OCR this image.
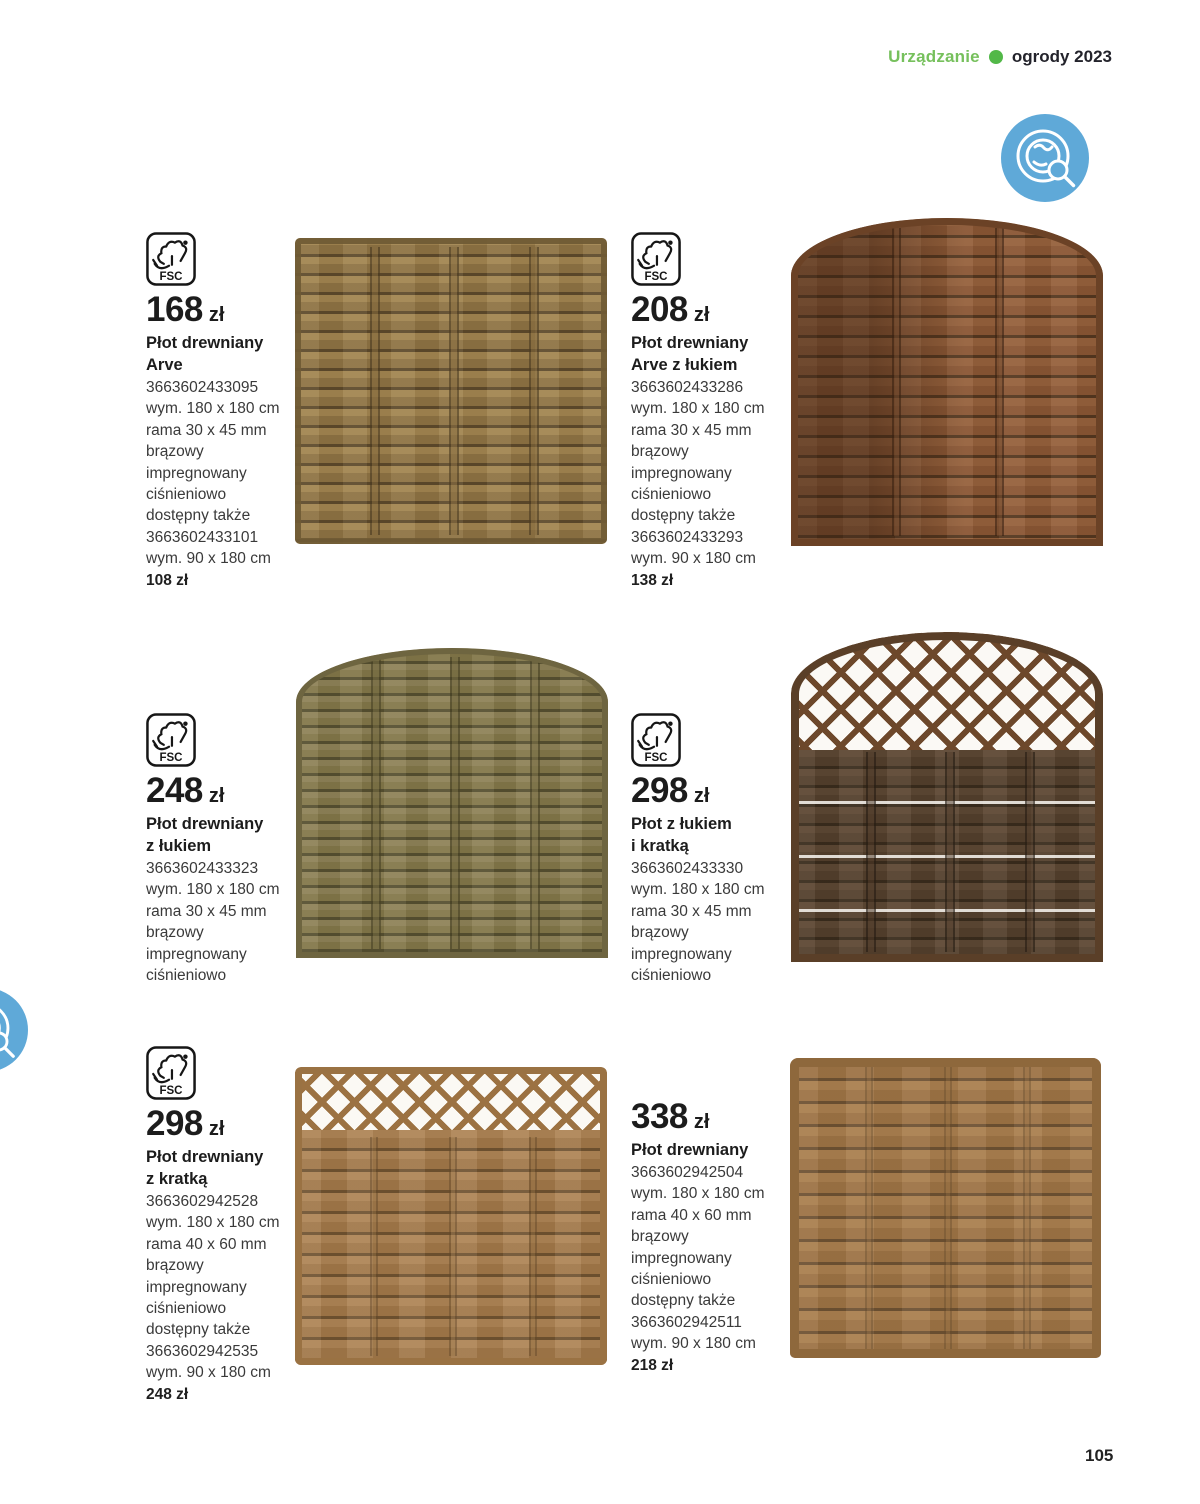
Urządzanie ogrody 2023
FSC
168 zł
Płot drewniany
Arve
3663602433095
wym. 180 x 180 cm
rama 30 x 45 mm
brązowy
impregnowany
ciśnieniowo
dostępny także
3663602433101
wym. 90 x 180 cm
108 zł
FSC
208 zł
Płot drewniany
Arve z łukiem
3663602433286
wym. 180 x 180 cm
rama 30 x 45 mm
brązowy
impregnowany
ciśnieniowo
dostępny także
3663602433293
wym. 90 x 180 cm
138 zł
FSC
248 zł
Płot drewniany
z łukiem
3663602433323
wym. 180 x 180 cm
rama 30 x 45 mm
brązowy
impregnowany
ciśnieniowo
FSC
298 zł
Płot z łukiem
i kratką
3663602433330
wym. 180 x 180 cm
rama 30 x 45 mm
brązowy
impregnowany
ciśnieniowo
FSC
298 zł
Płot drewniany
z kratką
3663602942528
wym. 180 x 180 cm
rama 40 x 60 mm
brązowy
impregnowany
ciśnieniowo
dostępny także
3663602942535
wym. 90 x 180 cm
248 zł
338 zł
Płot drewniany
3663602942504
wym. 180 x 180 cm
rama 40 x 60 mm
brązowy
impregnowany
ciśnieniowo
dostępny także
3663602942511
wym. 90 x 180 cm
218 zł
105
